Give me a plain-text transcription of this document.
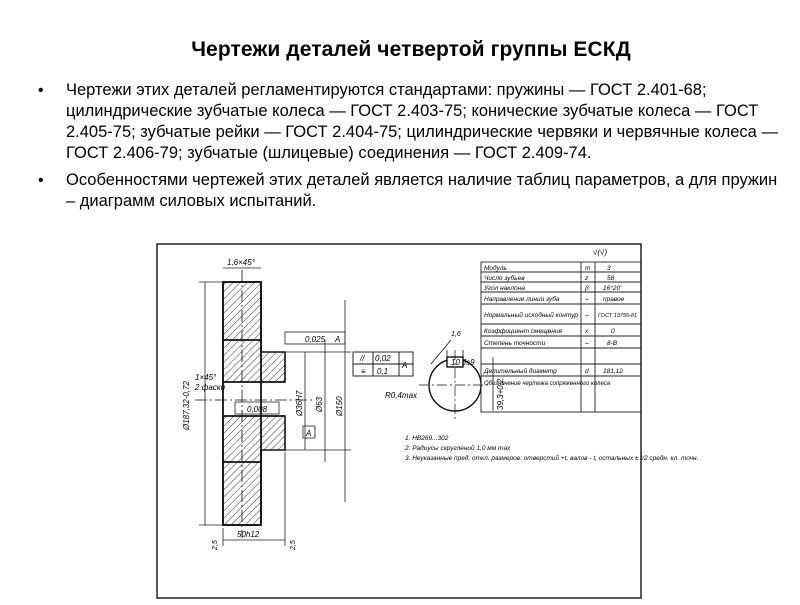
Чертежи деталей четвертой группы ЕСКД
• Чертежи этих деталей регламентируются стандартами: пружины — ГОСТ 2.401-68; цилиндрические зубчатые колеса — ГОСТ 2.403-75; конические зубчатые колеса — ГОСТ 2.405-75; зубчатые рейки — ГОСТ 2.404-75; цилиндрические червяки и червячные колеса — ГОСТ 2.406-79; зубчатые (шлицевые) соединения — ГОСТ 2.409-74.
• Особенностями чертежей этих деталей является наличие таблиц параметров, а для пружин – диаграмм силовых испытаний.
1,6×45°
1×45°
2 фаски
0,025 A
0,008
A
Ø187,32-0,72	Ø36H7 Ø63 Ø150
50h12
2,5	2,5
// 0,02
≡ 0,1
A	10 Js9
39,3+0,2
R0,4max
1,6
√(√)
Модуль	m	3
Число зубьев	z	58
Угол наклона	β 16°20'
Направление линии зуба	– правое
Нормальный исходный контур – ГОСТ 13755-81
Коэффициент смещения	x	0
Степень точности	–	8-В
Делительный диаметр	d 181,12
Обозначение чертежа сопряженного колеса
1. НВ269...302
2. Радиусы скруглений 1,0 мм max
3. Неуказанные пред. откл. размеров: отверстий +t, валов - t, остальных ± t/2 средн. кл. точн.
